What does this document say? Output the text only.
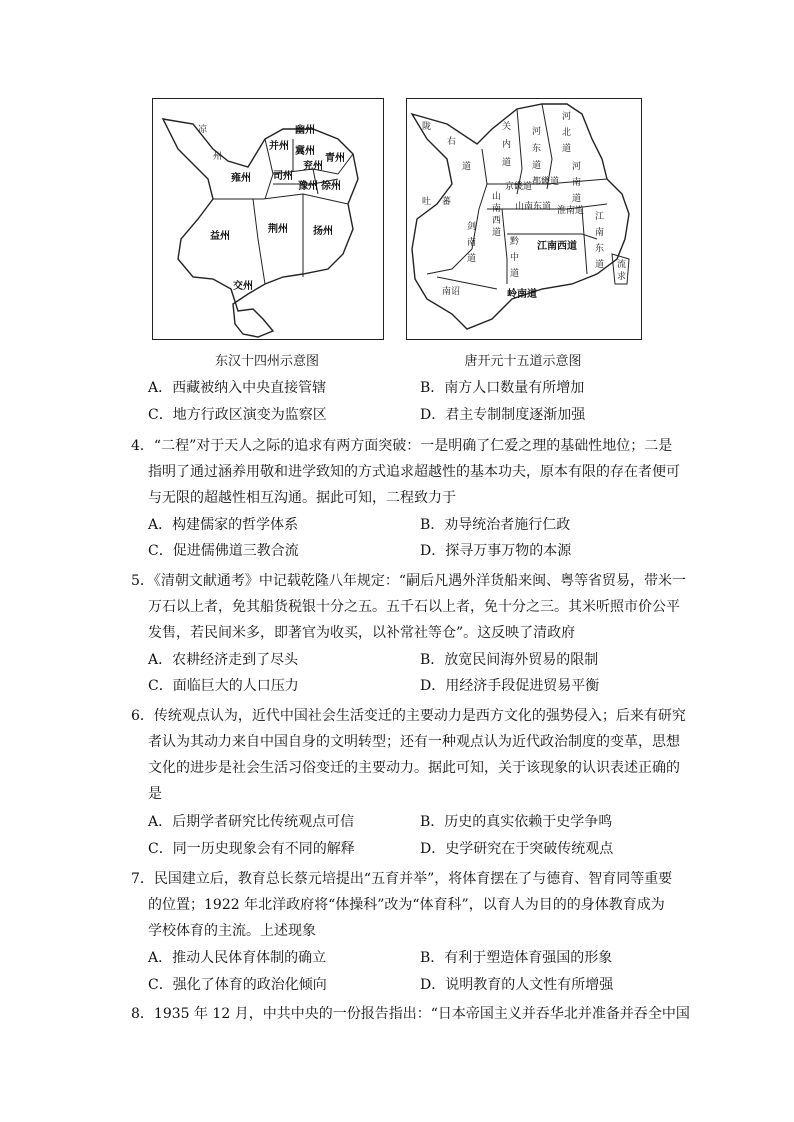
凉
州
并州
幽州
冀州
青州
雍州 司州
兖州
豫州 徐州
益州
荆州	扬州
交州
陇
右
道
关
内
道
河
东
道
河
北
道
河
南
道
京畿道 都畿道
吐 蕃	山
南
西
道
山南东道 淮南道
剑
南
道
黔
中
道
江南西道
江
南
东
道
南诏	岭南道
流
求
东汉十四州示意图	唐开元十五道示意图
A．西藏被纳入中央直接管辖	B．南方人口数量有所增加
C．地方行政区演变为监察区	D．君主专制制度逐渐加强
4．“二程”对于天人之际的追求有两方面突破：一是明确了仁爱之理的基础性地位；二是
指明了通过涵养用敬和进学致知的方式追求超越性的基本功夫，原本有限的存在者便可
与无限的超越性相互沟通。据此可知，二程致力于
A．构建儒家的哲学体系	B．劝导统治者施行仁政
C．促进儒佛道三教合流	D．探寻万事万物的本源
5．《清朝文献通考》中记载乾隆八年规定：“嗣后凡遇外洋货船来闽、粤等省贸易，带米一
万石以上者，免其船货税银十分之五。五千石以上者，免十分之三。其米听照市价公平
发售，若民间米多，即著官为收买，以补常社等仓”。这反映了清政府
A．农耕经济走到了尽头	B．放宽民间海外贸易的限制
C．面临巨大的人口压力	D．用经济手段促进贸易平衡
6．传统观点认为，近代中国社会生活变迁的主要动力是西方文化的强势侵入；后来有研究
者认为其动力来自中国自身的文明转型；还有一种观点认为近代政治制度的变革，思想
文化的进步是社会生活习俗变迁的主要动力。据此可知，关于该现象的认识表述正确的
是
A．后期学者研究比传统观点可信	B．历史的真实依赖于史学争鸣
C．同一历史现象会有不同的解释	D．史学研究在于突破传统观点
7．民国建立后，教育总长蔡元培提出“五育并举”，将体育摆在了与德育、智育同等重要
的位置；1922 年北洋政府将“体操科”改为“体育科”，以育人为目的的身体教育成为
学校体育的主流。上述现象
A．推动人民体育体制的确立	B．有利于塑造体育强国的形象
C．强化了体育的政治化倾向	D．说明教育的人文性有所增强
8．1935 年 12 月，中共中央的一份报告指出：“日本帝国主义并吞华北并准备并吞全中国
